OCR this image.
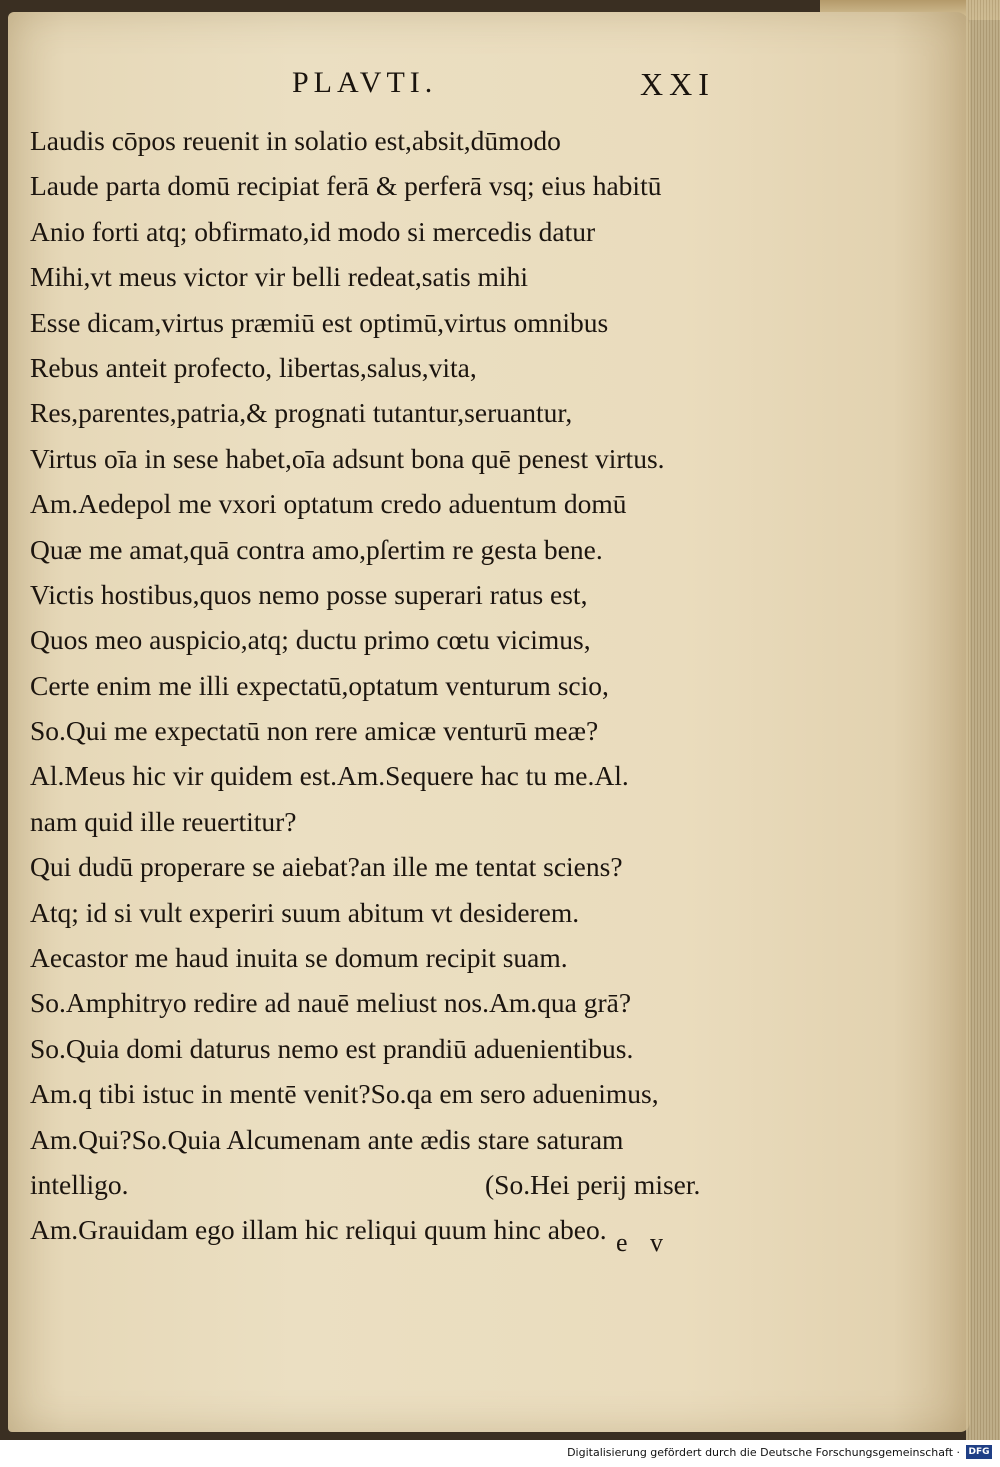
PLAVTI.	XXI
Laudis cōpos reuenit in solatio est,absit,dūmodo
Laude parta domū recipiat ferā & perferā vsq; eius habitū
Anio forti atq; obfirmato,id modo si mercedis datur
Mihi,vt meus victor vir belli redeat,satis mihi
Esse dicam,virtus præmiū est optimū,virtus omnibus
Rebus anteit profecto, libertas,salus,vita,
Res,parentes,patria,& prognati tutantur,seruantur,
Virtus oīa in sese habet,oīa adsunt bona quē penest virtus.
Am.Aedepol me vxori optatum credo aduentum domū
Quæ me amat,quā contra amo,pſertim re gesta bene.
Victis hostibus,quos nemo posse superari ratus est,
Quos meo auspicio,atq; ductu primo cœtu vicimus,
Certe enim me illi expectatū,optatum venturum scio,
So.Qui me expectatū non rere amicæ venturū meæ?
Al.Meus hic vir quidem est.Am.Sequere hac tu me.Al.
nam quid ille reuertitur?
Qui dudū properare se aiebat?an ille me tentat sciens?
Atq; id si vult experiri suum abitum vt desiderem.
Aecastor me haud inuita se domum recipit suam.
So.Amphitryo redire ad nauē meliust nos.Am.qua grā?
So.Quia domi daturus nemo est prandiū aduenientibus.
Am.q tibi istuc in mentē venit?So.qa em sero aduenimus,
Am.Qui?So.Quia Alcumenam ante ædis stare saturam
intelligo.	(So.Hei perij miser.
Am.Grauidam ego illam hic reliqui quum hinc abeo. e v
Digitalisierung gefördert durch die Deutsche Forschungsgemeinschaft · DFG
